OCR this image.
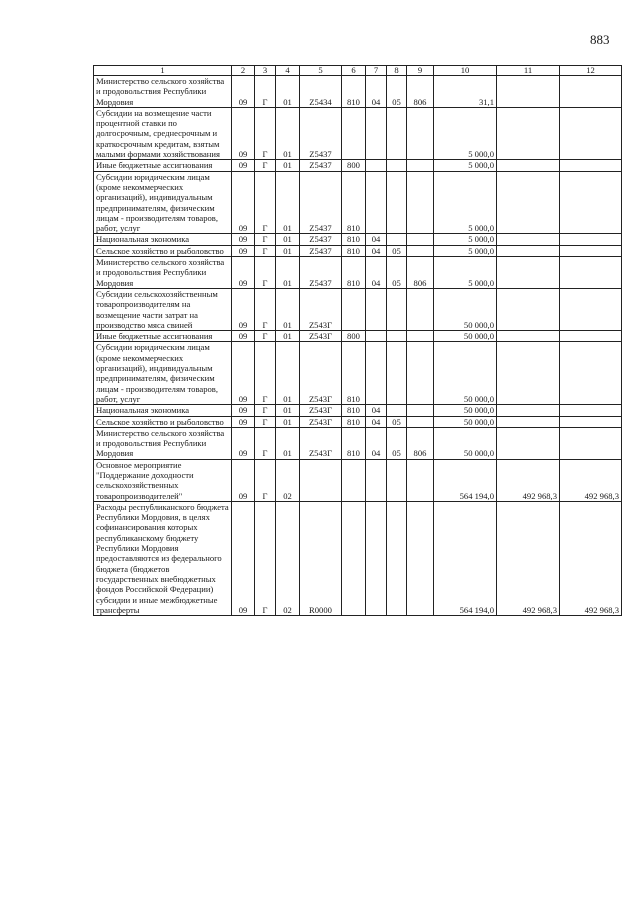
883
1	2	3	4	5	6	7	8	9	10	11	12
Министерство сельского хозяйства и продовольствия Республики Мордовия	09	Г	01	Z5434	810	04	05	806	31,1		
Субсидии на возмещение части процентной ставки по долгосрочным, среднесрочным и краткосрочным кредитам, взятым малыми формами хозяйствования	09	Г	01	Z5437					5 000,0		
Иные бюджетные ассигнования	09	Г	01	Z5437	800				5 000,0		
Субсидии юридическим лицам (кроме некоммерческих организаций), индивидуальным предпринимателям, физическим лицам - производителям товаров, работ, услуг	09	Г	01	Z5437	810				5 000,0		
Национальная экономика	09	Г	01	Z5437	810	04			5 000,0		
Сельское хозяйство и рыболовство	09	Г	01	Z5437	810	04	05		5 000,0		
Министерство сельского хозяйства и продовольствия Республики Мордовия	09	Г	01	Z5437	810	04	05	806	5 000,0		
Субсидии сельскохозяйственным товаропроизводителям на возмещение части затрат на производство мяса свиней	09	Г	01	Z543Г					50 000,0		
Иные бюджетные ассигнования	09	Г	01	Z543Г	800				50 000,0		
Субсидии юридическим лицам (кроме некоммерческих организаций), индивидуальным предпринимателям, физическим лицам - производителям товаров, работ, услуг	09	Г	01	Z543Г	810				50 000,0		
Национальная экономика	09	Г	01	Z543Г	810	04			50 000,0		
Сельское хозяйство и рыболовство	09	Г	01	Z543Г	810	04	05		50 000,0		
Министерство сельского хозяйства и продовольствия Республики Мордовия	09	Г	01	Z543Г	810	04	05	806	50 000,0		
Основное мероприятие "Поддержание доходности сельскохозяйственных товаропроизводителей"	09	Г	02						564 194,0	492 968,3	492 968,3
Расходы республиканского бюджета Республики Мордовия, в целях софинансирования которых республиканскому бюджету Республики Мордовия предоставляются из федерального бюджета (бюджетов государственных внебюджетных фондов Российской Федерации) субсидии и иные межбюджетные трансферты	09	Г	02	R0000					564 194,0	492 968,3	492 968,3
